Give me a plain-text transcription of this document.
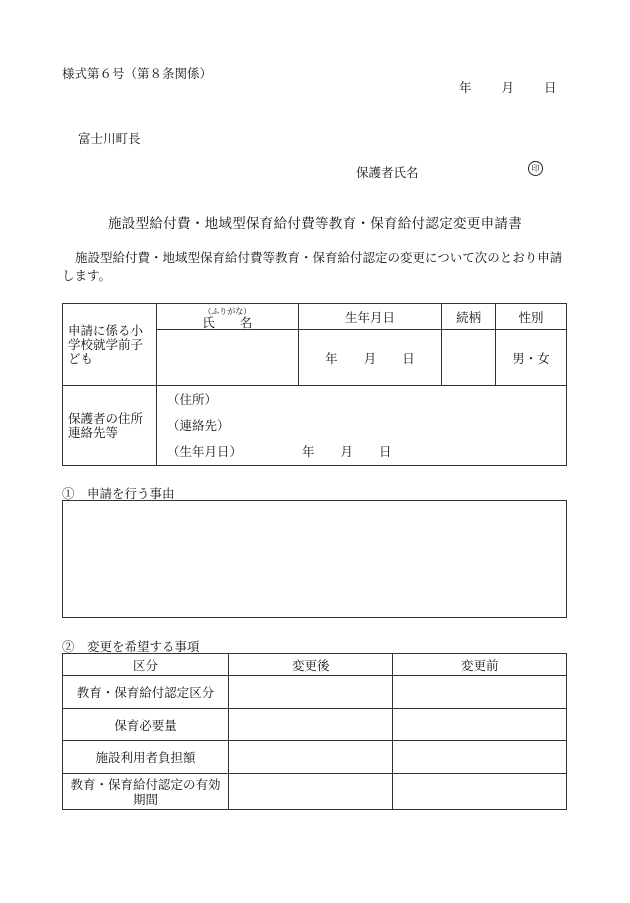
様式第６号（第８条関係）
年 月 日
富士川町長
保護者氏名	印
施設型給付費・地域型保育給付費等教育・保育給付認定変更申請書
施設型給付費・地域型保育給付費等教育・保育給付認定の変更について次のとおり申請します。
申請に係る小学校就学前子ども	（ふりがな）
氏　　名	生年月日	続柄	性別
		年 月 日		男・女

保護者の住所連絡先等	（住所）
（連絡先）
（生年月日） 年 月 日			
①　申請を行う事由
②　変更を希望する事項
区分	変更後	変更前
教育・保育給付認定区分		
保育必要量		
施設利用者負担額		
教育・保育給付認定の有効期間		
